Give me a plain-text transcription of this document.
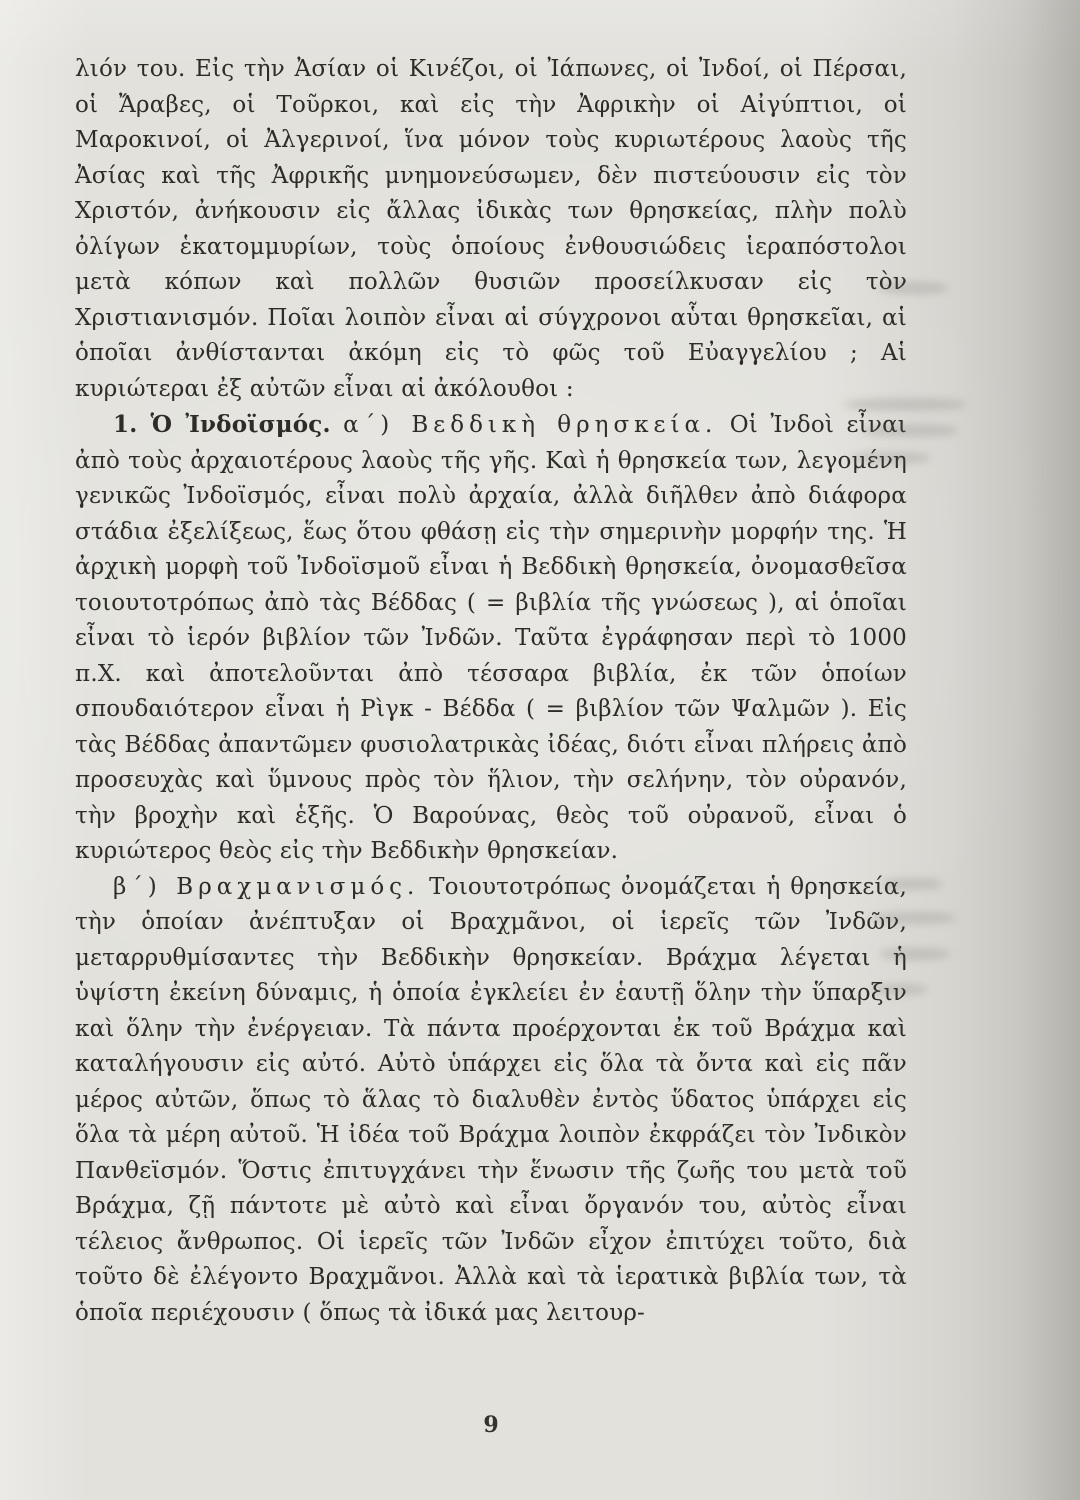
λιόν του. Εἰς τὴν Ἀσίαν οἱ Κινέζοι, οἱ Ἰάπωνες, οἱ Ἰνδοί, οἱ Πέρσαι, οἱ Ἄραβες, οἱ Τοῦρκοι, καὶ εἰς τὴν Ἀφρικὴν οἱ Αἰγύπτιοι, οἱ Μαροκινοί, οἱ Ἀλγερινοί, ἵνα μόνον τοὺς κυριωτέρους λαοὺς τῆς Ἀσίας καὶ τῆς Ἀφρικῆς μνημονεύσωμεν, δὲν πιστεύουσιν εἰς τὸν Χριστόν, ἀνήκουσιν εἰς ἄλλας ἰδικὰς των θρησκείας, πλὴν πολὺ ὀλίγων ἑκατομμυρίων, τοὺς ὁποίους ἐνθουσιώδεις ἱεραπόστολοι μετὰ κόπων καὶ πολλῶν θυσιῶν προσείλκυσαν εἰς τὸν Χριστιανισμόν. Ποῖαι λοιπὸν εἶναι αἱ σύγχρονοι αὗται θρησκεῖαι, αἱ ὁποῖαι ἀνθίστανται ἀκόμη εἰς τὸ φῶς τοῦ Εὐαγγελίου ; Αἱ κυριώτεραι ἐξ αὐτῶν εἶναι αἱ ἀκόλουθοι :

1. Ὁ Ἰνδοϊσμός. α΄) Βεδδικὴ θρησκεία. Οἱ Ἰνδοὶ εἶναι ἀπὸ τοὺς ἀρχαιοτέρους λαοὺς τῆς γῆς. Καὶ ἡ θρησκεία των, λεγομένη γενικῶς Ἰνδοϊσμός, εἶναι πολὺ ἀρχαία, ἀλλὰ διῆλθεν ἀπὸ διάφορα στάδια ἐξελίξεως, ἕως ὅτου φθάσῃ εἰς τὴν σημερινὴν μορφήν της. Ἡ ἀρχικὴ μορφὴ τοῦ Ἰνδοϊσμοῦ εἶναι ἡ Βεδδικὴ θρησκεία, ὀνομασθεῖσα τοιουτοτρόπως ἀπὸ τὰς Βέδδας ( = βιβλία τῆς γνώσεως ), αἱ ὁποῖαι εἶναι τὸ ἱερόν βιβλίον τῶν Ἰνδῶν. Ταῦτα ἐγράφησαν περὶ τὸ 1000 π.Χ. καὶ ἀποτελοῦνται ἀπὸ τέσσαρα βιβλία, ἐκ τῶν ὁποίων σπουδαιότερον εἶναι ἡ Ρὶγκ - Βέδδα ( = βιβλίον τῶν Ψαλμῶν ). Εἰς τὰς Βέδδας ἀπαντῶμεν φυσιολατρικὰς ἰδέας, διότι εἶναι πλήρεις ἀπὸ προσευχὰς καὶ ὕμνους πρὸς τὸν ἥλιον, τὴν σελήνην, τὸν οὐρανόν, τὴν βροχὴν καὶ ἑξῆς. Ὁ Βαρούνας, θεὸς τοῦ οὐρανοῦ, εἶναι ὁ κυριώτερος θεὸς εἰς τὴν Βεδδικὴν θρησκείαν.

β΄) Βραχμανισμός. Τοιουτοτρόπως ὀνομάζεται ἡ θρησκεία, τὴν ὁποίαν ἀνέπτυξαν οἱ Βραχμᾶνοι, οἱ ἱερεῖς τῶν Ἰνδῶν, μεταρρυθμίσαντες τὴν Βεδδικὴν θρησκείαν. Βράχμα λέγεται ἡ ὑψίστη ἐκείνη δύναμις, ἡ ὁποία ἐγκλείει ἐν ἑαυτῇ ὅλην τὴν ὕπαρξιν καὶ ὅλην τὴν ἐνέργειαν. Τὰ πάντα προέρχονται ἐκ τοῦ Βράχμα καὶ καταλήγουσιν εἰς αὐτό. Αὐτὸ ὑπάρχει εἰς ὅλα τὰ ὄντα καὶ εἰς πᾶν μέρος αὐτῶν, ὅπως τὸ ἅλας τὸ διαλυθὲν ἐντὸς ὕδατος ὑπάρχει εἰς ὅλα τὰ μέρη αὐτοῦ. Ἡ ἰδέα τοῦ Βράχμα λοιπὸν ἐκφράζει τὸν Ἰνδικὸν Πανθεϊσμόν. Ὅστις ἐπιτυγχάνει τὴν ἕνωσιν τῆς ζωῆς του μετὰ τοῦ Βράχμα, ζῇ πάντοτε μὲ αὐτὸ καὶ εἶναι ὄργανόν του, αὐτὸς εἶναι τέλειος ἄνθρωπος. Οἱ ἱερεῖς τῶν Ἰνδῶν εἶχον ἐπιτύχει τοῦτο, διὰ τοῦτο δὲ ἐλέγοντο Βραχμᾶνοι. Ἀλλὰ καὶ τὰ ἱερατικὰ βιβλία των, τὰ ὁποῖα περιέχουσιν ( ὅπως τὰ ἰδικά μας λειτουρ-

9
